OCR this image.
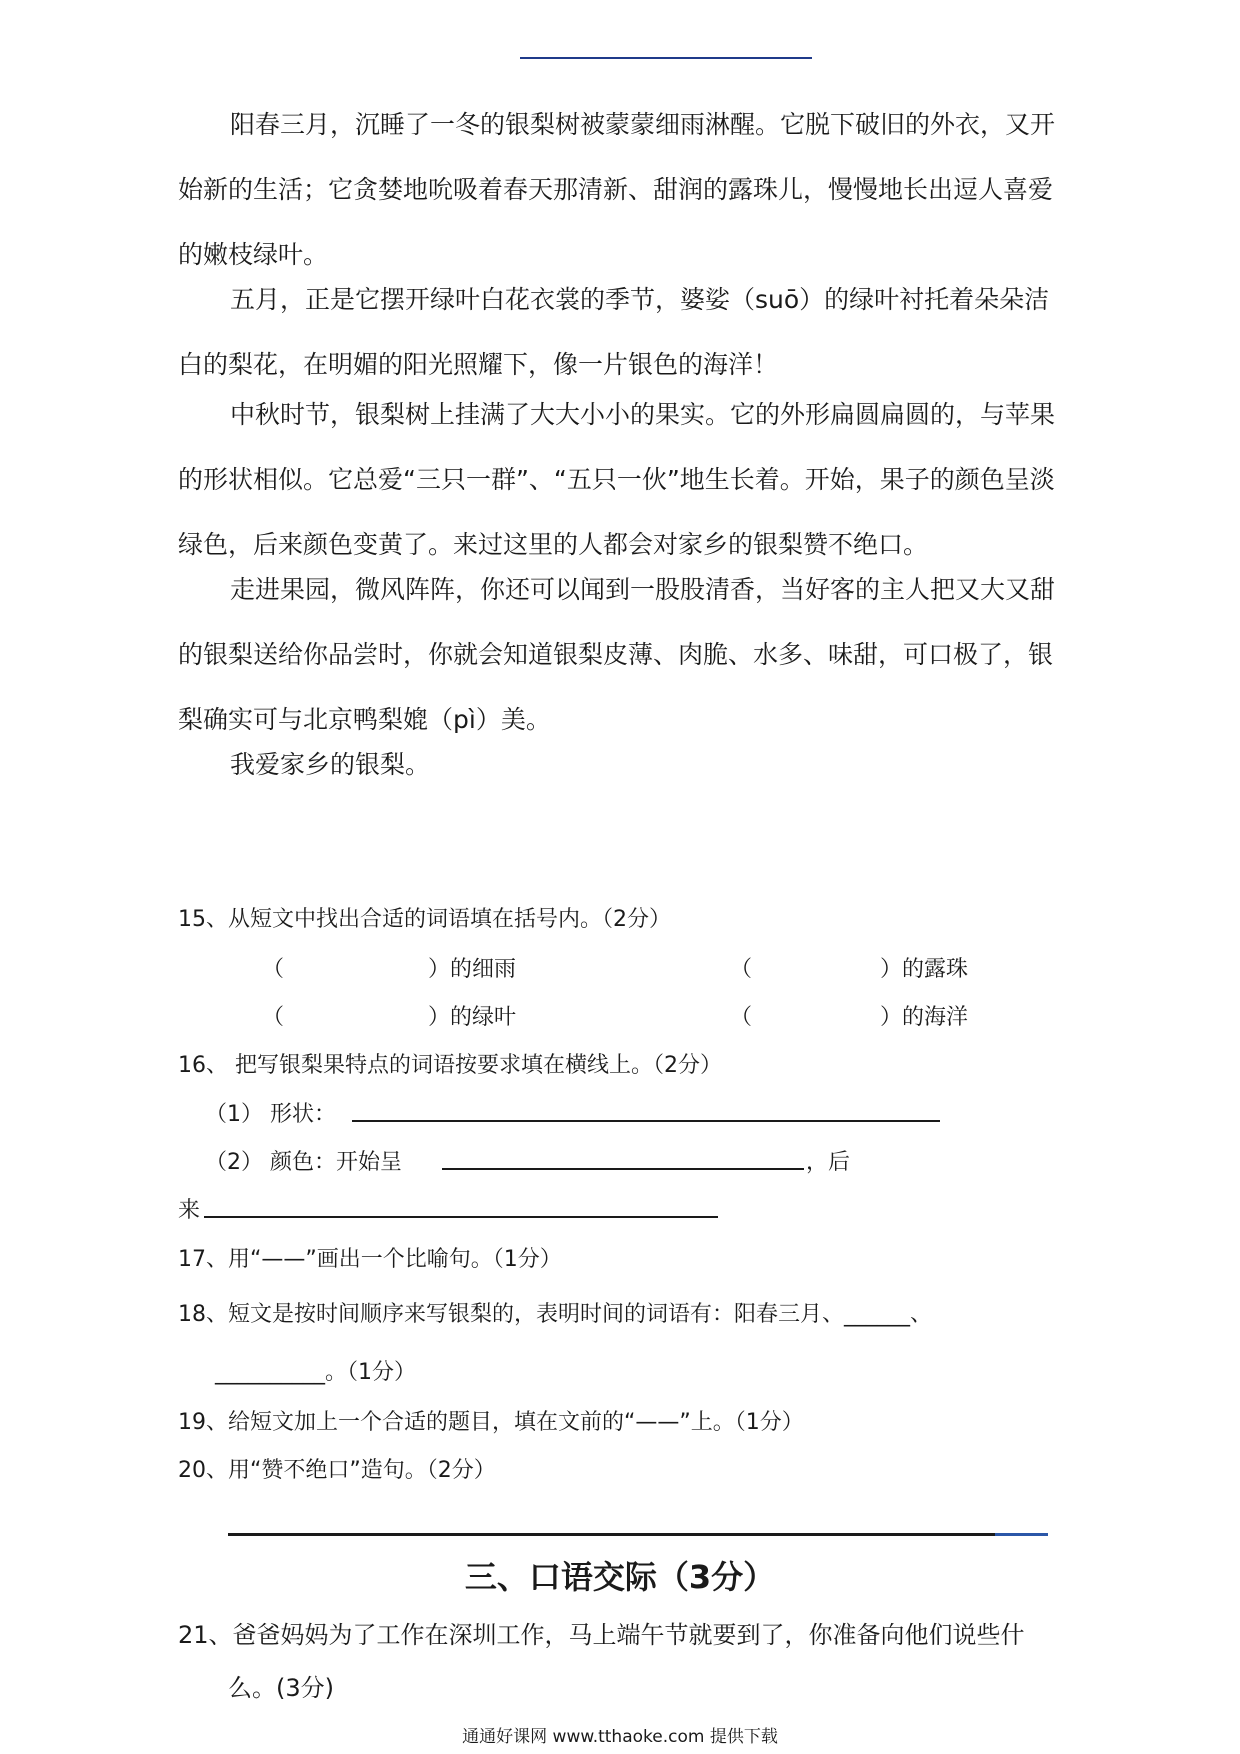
阳春三月，沉睡了一冬的银梨树被蒙蒙细雨淋醒。它脱下破旧的外衣，又开始新的生活；它贪婪地吮吸着春天那清新、甜润的露珠儿，慢慢地长出逗人喜爱的嫩枝绿叶。

五月，正是它摆开绿叶白花衣裳的季节，婆娑（suō）的绿叶衬托着朵朵洁白的梨花，在明媚的阳光照耀下，像一片银色的海洋！

中秋时节，银梨树上挂满了大大小小的果实。它的外形扁圆扁圆的，与苹果的形状相似。它总爱“三只一群”、“五只一伙”地生长着。开始，果子的颜色呈淡绿色，后来颜色变黄了。来过这里的人都会对家乡的银梨赞不绝口。

走进果园，微风阵阵，你还可以闻到一股股清香，当好客的主人把又大又甜的银梨送给你品尝时，你就会知道银梨皮薄、肉脆、水多、味甜，可口极了，银梨确实可与北京鸭梨媲（pì）美。

我爱家乡的银梨。

15、从短文中找出合适的词语填在括号内。（2分）
（	）的细雨	（	）的露珠
（	）的绿叶	（	）的海洋
16、 把写银梨果特点的词语按要求填在横线上。（2分）
（1） 形状：
（2） 颜色：开始呈	，后
来
17、用“——”画出一个比喻句。（1分）
18、短文是按时间顺序来写银梨的，表明时间的词语有：阳春三月、______、
__________。（1分）
19、给短文加上一个合适的题目，填在文前的“——”上。（1分）
20、用“赞不绝口”造句。（2分）
三、口语交际（3分）
21、爸爸妈妈为了工作在深圳工作，马上端午节就要到了，你准备向他们说些什
么。(3分)
通通好课网 www.tthaoke.com 提供下载
